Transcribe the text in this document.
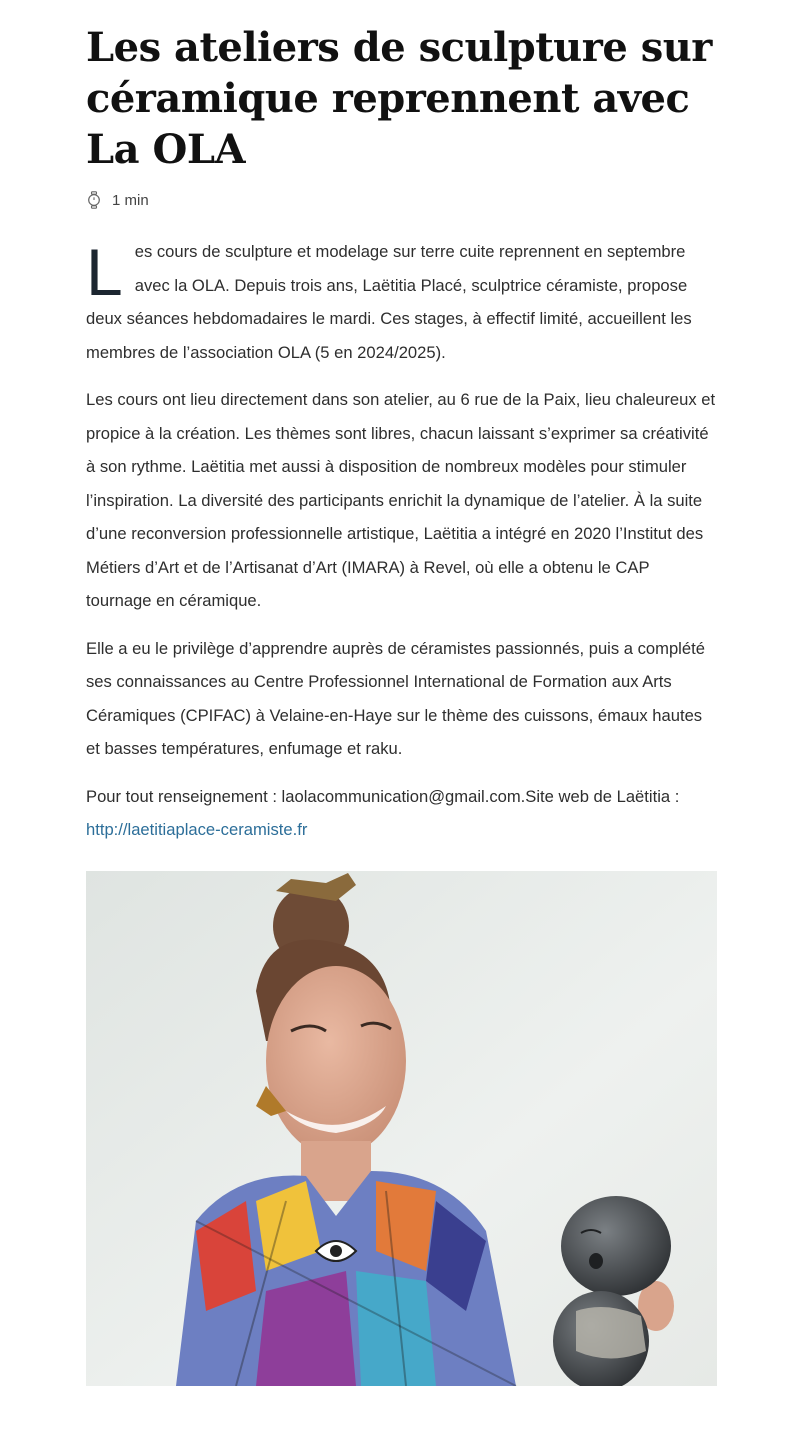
Les ateliers de sculpture sur céramique reprennent avec La OLA
1 min

Les cours de sculpture et modelage sur terre cuite reprennent en septembre avec la OLA. Depuis trois ans, Laëtitia Placé, sculptrice céramiste, propose deux séances hebdomadaires le mardi. Ces stages, à effectif limité, accueillent les membres de l’association OLA (5 en 2024/2025).

Les cours ont lieu directement dans son atelier, au 6 rue de la Paix, lieu chaleureux et propice à la création. Les thèmes sont libres, chacun laissant s’exprimer sa créativité à son rythme. Laëtitia met aussi à disposition de nombreux modèles pour stimuler l’inspiration. La diversité des participants enrichit la dynamique de l’atelier. À la suite d’une reconversion professionnelle artistique, Laëtitia a intégré en 2020 l’Institut des Métiers d’Art et de l’Artisanat d’Art (IMARA) à Revel, où elle a obtenu le CAP tournage en céramique.

Elle a eu le privilège d’apprendre auprès de céramistes passionnés, puis a complété ses connaissances au Centre Professionnel International de Formation aux Arts Céramiques (CPIFAC) à Velaine-en-Haye sur le thème des cuissons, émaux hautes et basses températures, enfumage et raku.

Pour tout renseignement : laolacommunication@gmail.com.Site web de Laëtitia : http://laetitiaplace-ceramiste.fr
